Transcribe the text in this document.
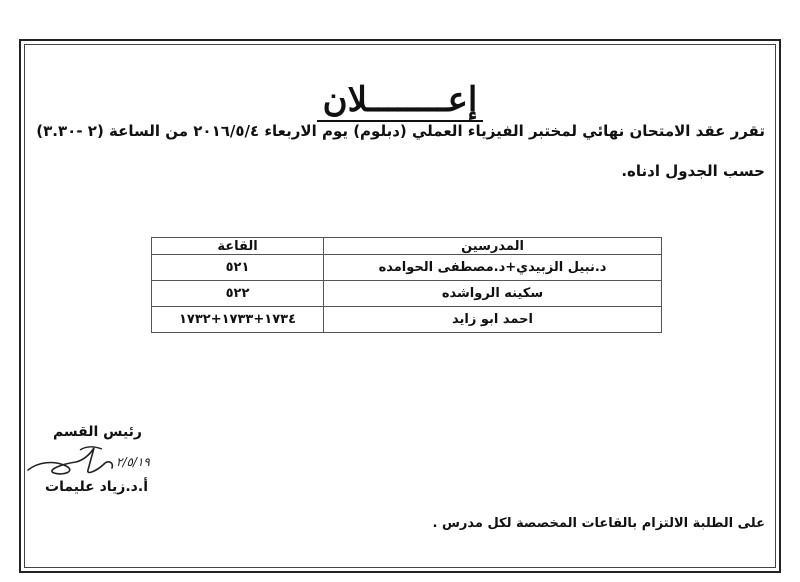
إعــــــــلان
تقرر عقد الامتحان نهائي لمختبر الفيزياء العملي (دبلوم) يوم الاربعاء ٢٠١٦/٥/٤ من الساعة (٢ -٣.٣٠)
حسب الجدول ادناه.
المدرسين	القاعة
د.نبيل الزبيدي+د.مصطفى الحوامده	٥٢١
سكينه الرواشده	٥٢٢
احمد ابو زايد	١٧٣٤+١٧٣٣+١٧٣٢
رئيس القسم
٢/٥/١٩
أ.د.زياد عليمات
على الطلبة الالتزام بالقاعات المخصصة لكل مدرس .
